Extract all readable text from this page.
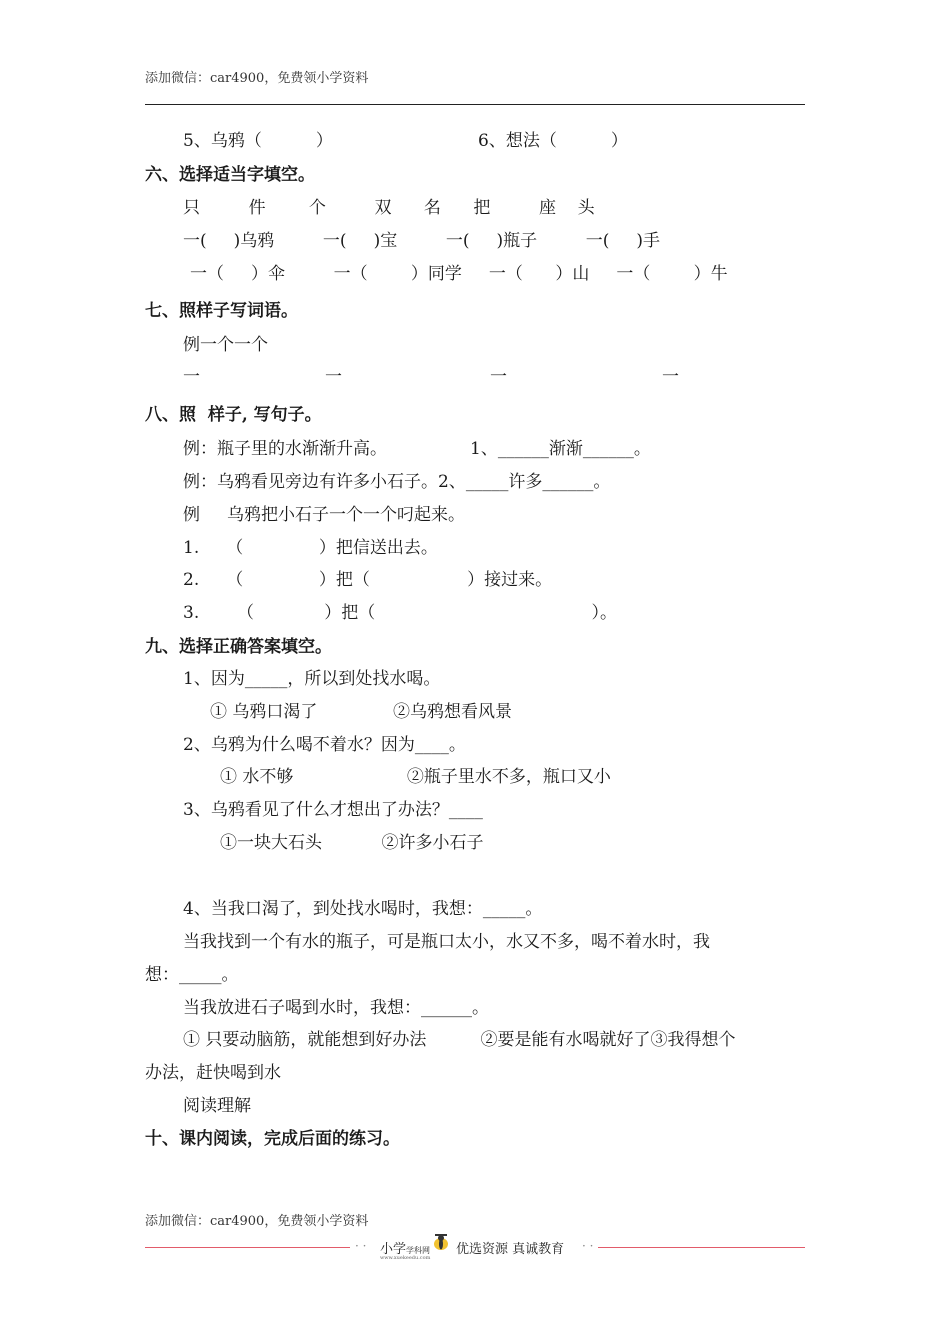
添加微信：car4900，免费领小学资料
5、乌鸦（          ）	6、想法（          ）
六、选择适当字填空。
只         件        个         双      名      把         座    头
一(     )乌鸦         一(     )宝         一(     )瓶子         一(     )手
一（     ）伞         一（        ）同学     一（      ）山     一（        ）牛
七、照样子写词语。
例一个一个
一	一	一	一
八、照  样子, 写句子。
例：瓶子里的水渐渐升高。	1、______渐渐______。
例：乌鸦看见旁边有许多小石子。2、_____许多______。
例     乌鸦把小石子一个一个叼起来。
1.     （              ）把信送出去。
2.     （              ）把（                  ）接过来。
3.       （             ）把（                                        ）。
九、选择正确答案填空。
1、因为_____，所以到处找水喝。
① 乌鸦口渴了              ②乌鸦想看风景
2、乌鸦为什么喝不着水？因为____。
① 水不够                     ②瓶子里水不多，瓶口又小
3、乌鸦看见了什么才想出了办法？____
①一块大石头           ②许多小石子
4、当我口渴了，到处找水喝时，我想：_____。
当我找到一个有水的瓶子，可是瓶口太小，水又不多，喝不着水时，我
想：_____。
当我放进石子喝到水时，我想：______。
① 只要动脑筋，就能想到好办法          ②要是能有水喝就好了③我得想个
办法，赶快喝到水
阅读理解
十、课内阅读，完成后面的练习。
添加微信：car4900，免费领小学资料
· ·	· ·
小学学科网
www.xuekeedu.com
优选资源 真诚教育
